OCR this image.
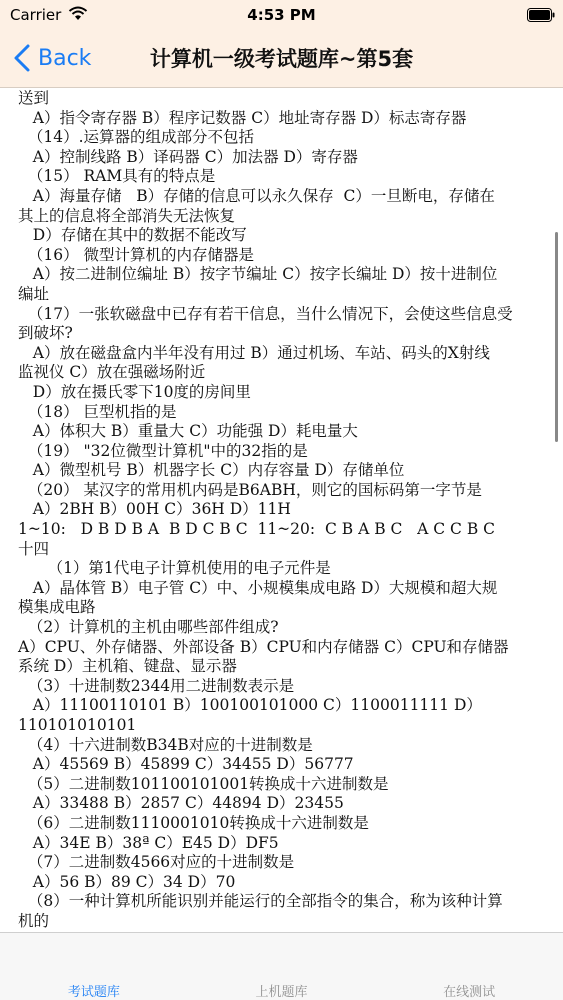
Carrier	4:53 PM
Back	计算机一级考试题库~第5套
送到
A）指令寄存器 B）程序记数器 C）地址寄存器 D）标志寄存器
（14）.运算器的组成部分不包括
A）控制线路 B）译码器 C）加法器 D）寄存器
（15） RAM具有的特点是
A）海量存储   B）存储的信息可以永久保存  C）一旦断电，存储在
其上的信息将全部消失无法恢复
D）存储在其中的数据不能改写
（16） 微型计算机的内存储器是
A）按二进制位编址 B）按字节编址 C）按字长编址 D）按十进制位
编址
（17）一张软磁盘中已存有若干信息，当什么情况下，会使这些信息受
到破坏?
A）放在磁盘盒内半年没有用过 B）通过机场、车站、码头的X射线
监视仪 C）放在强磁场附近
D）放在摄氏零下10度的房间里
（18） 巨型机指的是
A）体积大 B）重量大 C）功能强 D）耗电量大
（19） "32位微型计算机"中的32指的是
A）微型机号 B）机器字长 C）内存容量 D）存储单位
（20） 某汉字的常用机内码是B6ABH，则它的国标码第一字节是
A）2BH B）00H C）36H D）11H
1~10:   D B D B A  B D C B C  11~20:  C B A B C   A C C B C
十四
（1）第1代电子计算机使用的电子元件是
A）晶体管 B）电子管 C）中、小规模集成电路 D）大规模和超大规
模集成电路
（2）计算机的主机由哪些部件组成?
A）CPU、外存储器、外部设备 B）CPU和内存储器 C）CPU和存储器
系统 D）主机箱、键盘、显示器
（3）十进制数2344用二进制数表示是
A）11100110101 B）100100101000 C）1100011111 D）110101010101
（4）十六进制数B34B对应的十进制数是
A）45569 B）45899 C）34455 D）56777
（5）二进制数101100101001转换成十六进制数是
A）33488 B）2857 C）44894 D）23455
（6）二进制数1110001010转换成十六进制数是
A）34E B）38ª C）E45 D）DF5
（7）二进制数4566对应的十进制数是
A）56 B）89 C）34 D）70
（8）一种计算机所能识别并能运行的全部指令的集合，称为该种计算
机的
考试题库	上机题库	在线测试
